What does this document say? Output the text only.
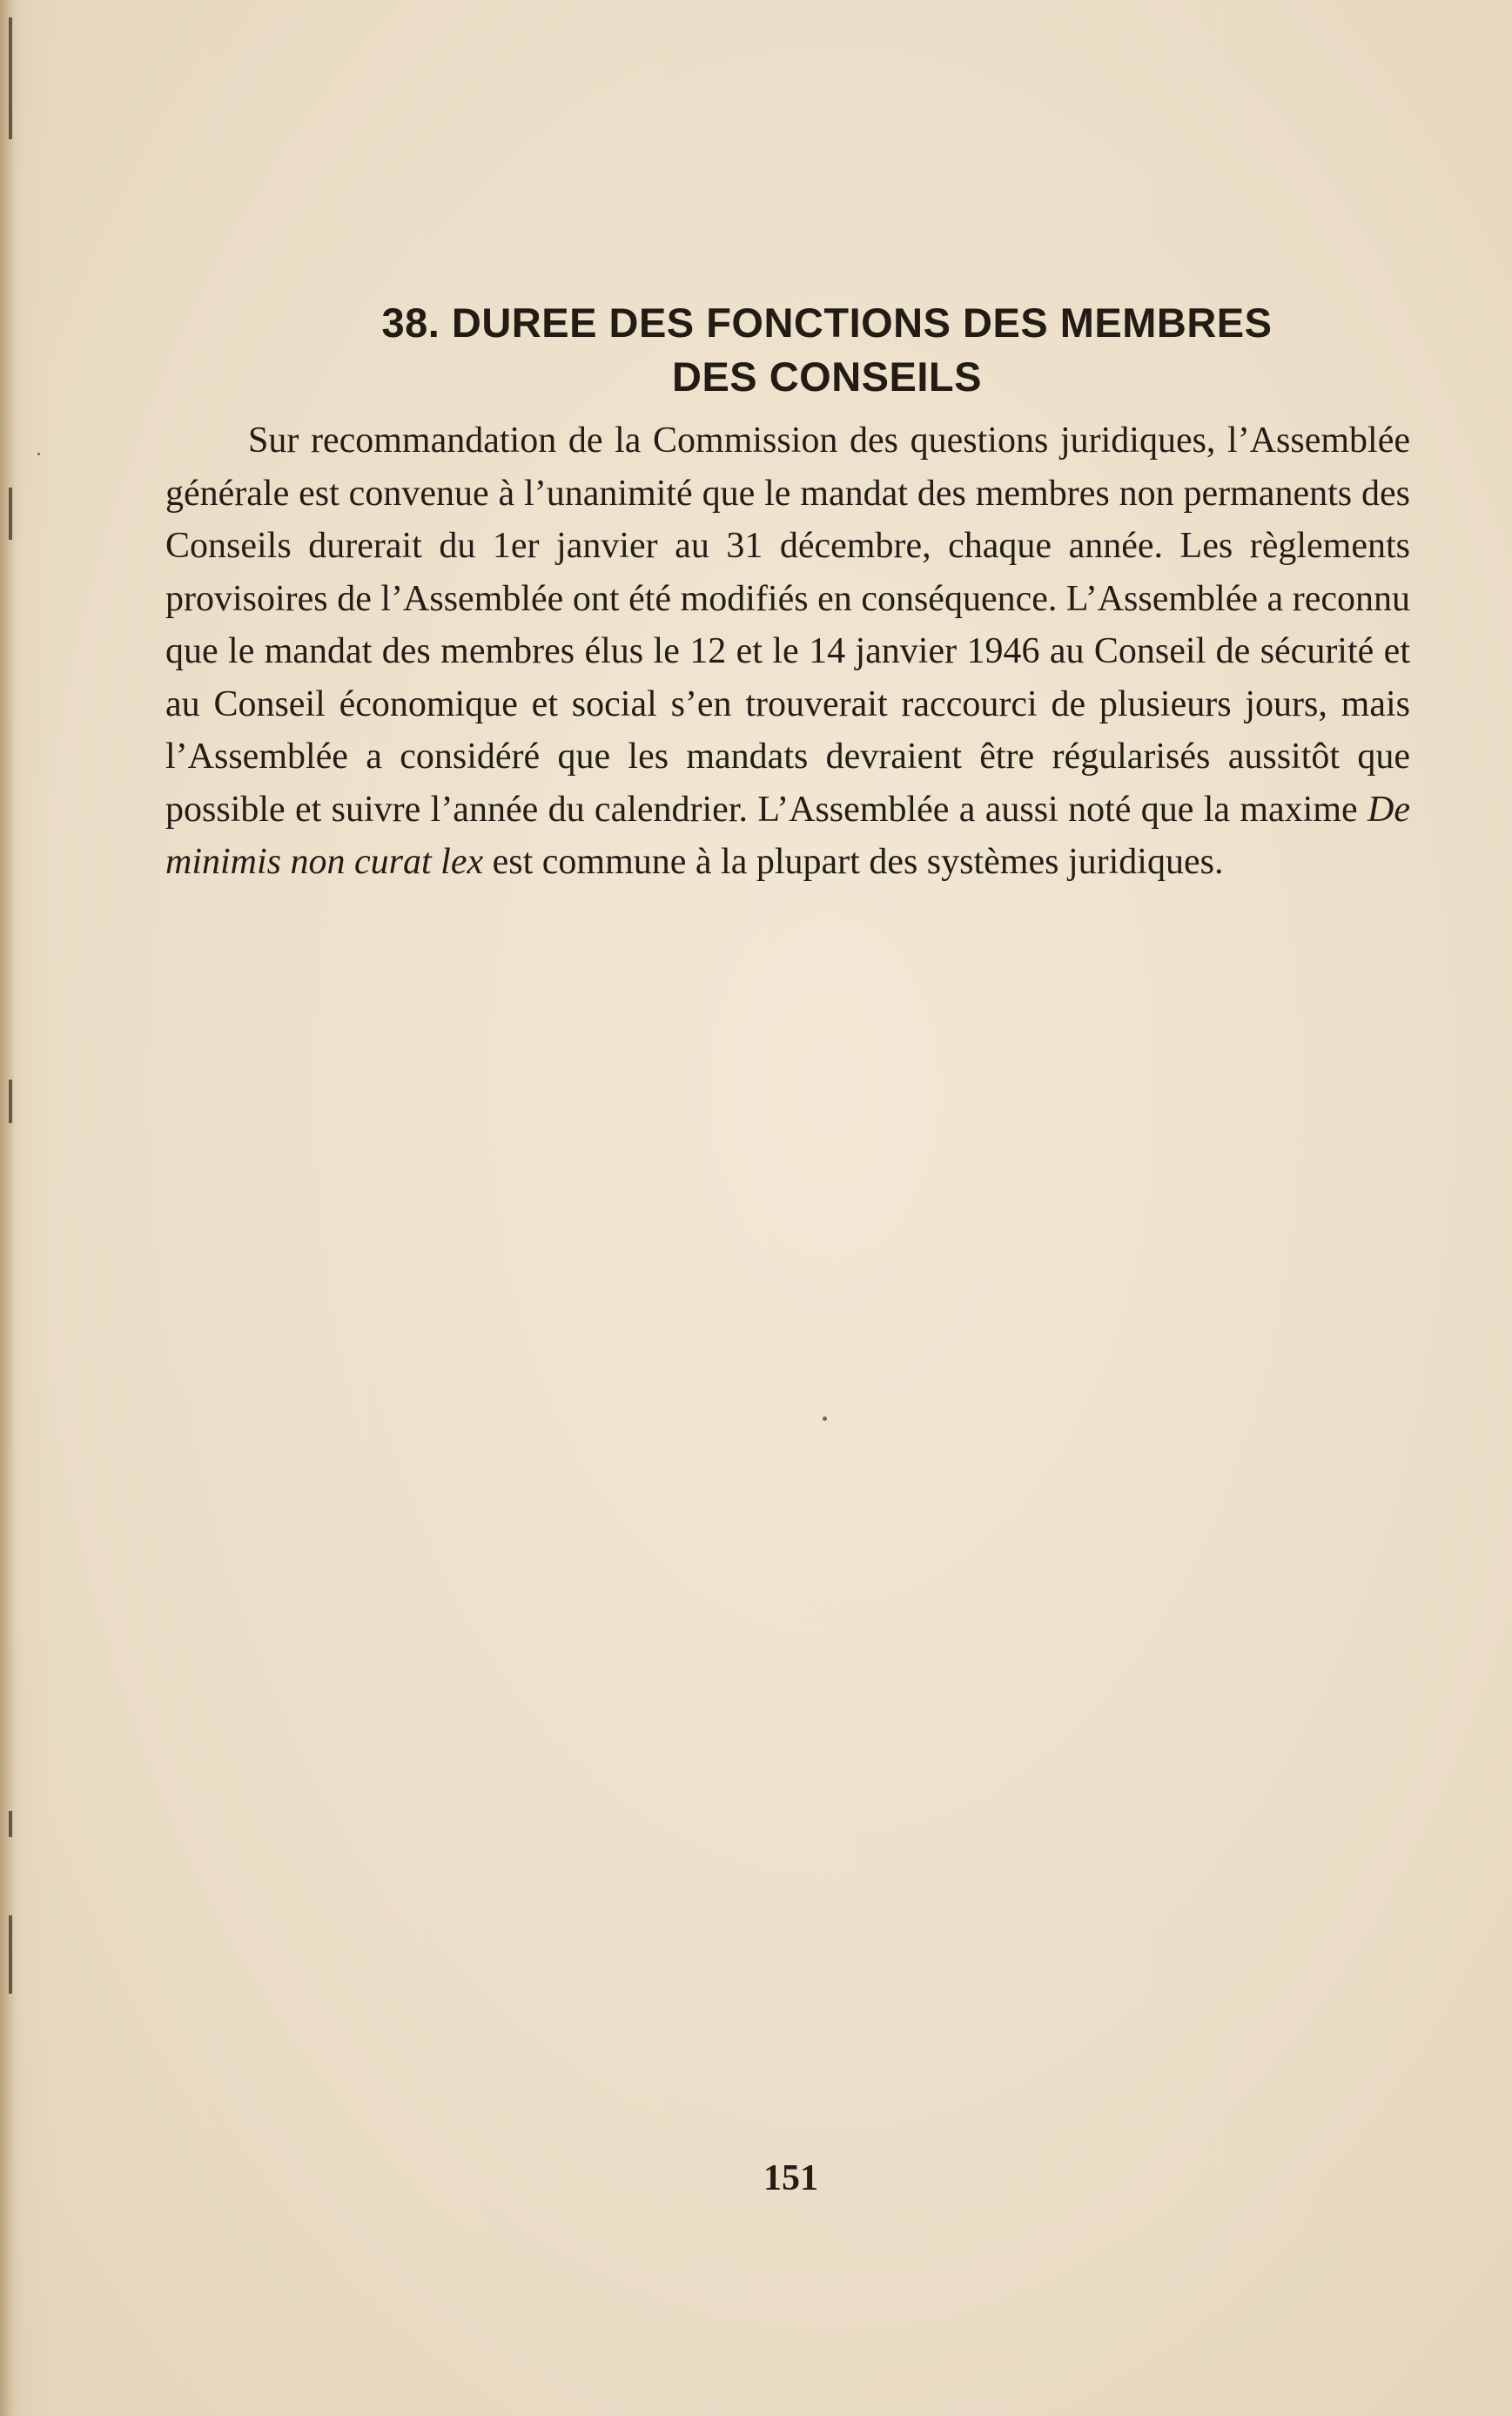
38. DUREE DES FONCTIONS DES MEMBRES
DES CONSEILS

Sur recommandation de la Commission des questions juridiques, l’Assemblée générale est convenue à l’unanimité que le mandat des membres non permanents des Conseils durerait du 1er janvier au 31 décembre, chaque année. Les règlements provisoires de l’Assemblée ont été modifiés en conséquence. L’Assemblée a reconnu que le mandat des membres élus le 12 et le 14 janvier 1946 au Conseil de sécurité et au Conseil économique et social s’en trouverait raccourci de plusieurs jours, mais l’Assemblée a considéré que les mandats devraient être régularisés aussitôt que possible et suivre l’année du calendrier. L’Assemblée a aussi noté que la maxime De minimis non curat lex est commune à la plupart des systèmes juridiques.

151
